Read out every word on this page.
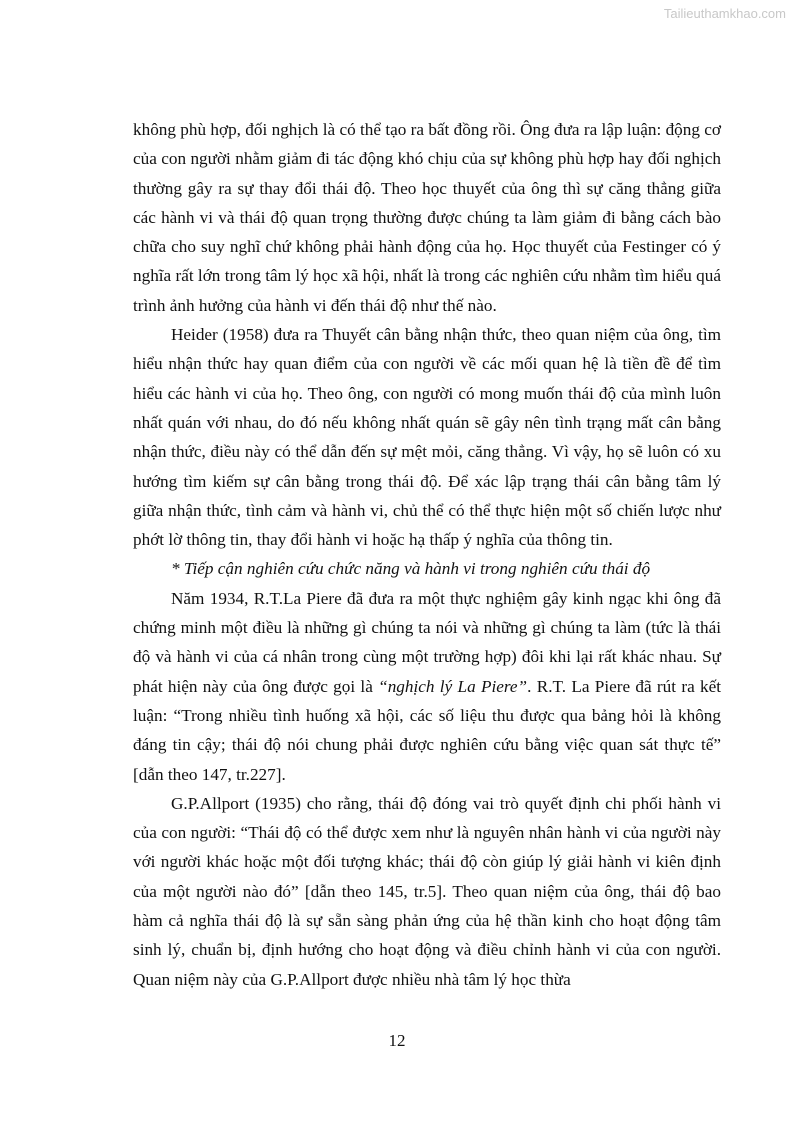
Tailieuthamkhao.com

không phù hợp, đối nghịch là có thể tạo ra bất đồng rồi. Ông đưa ra lập luận: động cơ của con người nhằm giảm đi tác động khó chịu của sự không phù hợp hay đối nghịch thường gây ra sự thay đổi thái độ. Theo học thuyết của ông thì sự căng thẳng giữa các hành vi và thái độ quan trọng thường được chúng ta làm giảm đi bằng cách bào chữa cho suy nghĩ chứ không phải hành động của họ. Học thuyết của Festinger có ý nghĩa rất lớn trong tâm lý học xã hội, nhất là trong các nghiên cứu nhằm tìm hiểu quá trình ảnh hưởng của hành vi đến thái độ như thế nào.

Heider (1958) đưa ra Thuyết cân bằng nhận thức, theo quan niệm của ông, tìm hiểu nhận thức hay quan điểm của con người về các mối quan hệ là tiền đề để tìm hiểu các hành vi của họ. Theo ông, con người có mong muốn thái độ của mình luôn nhất quán với nhau, do đó nếu không nhất quán sẽ gây nên tình trạng mất cân bằng nhận thức, điều này có thể dẫn đến sự mệt mỏi, căng thẳng. Vì vậy, họ sẽ luôn có xu hướng tìm kiếm sự cân bằng trong thái độ. Để xác lập trạng thái cân bằng tâm lý giữa nhận thức, tình cảm và hành vi, chủ thể có thể thực hiện một số chiến lược như phớt lờ thông tin, thay đổi hành vi hoặc hạ thấp ý nghĩa của thông tin.

* Tiếp cận nghiên cứu chức năng và hành vi trong nghiên cứu thái độ

Năm 1934, R.T.La Piere đã đưa ra một thực nghiệm gây kinh ngạc khi ông đã chứng minh một điều là những gì chúng ta nói và những gì chúng ta làm (tức là thái độ và hành vi của cá nhân trong cùng một trường hợp) đôi khi lại rất khác nhau. Sự phát hiện này của ông được gọi là “nghịch lý La Piere”. R.T. La Piere đã rút ra kết luận: “Trong nhiều tình huống xã hội, các số liệu thu được qua bảng hỏi là không đáng tin cậy; thái độ nói chung phải được nghiên cứu bằng việc quan sát thực tế” [dẫn theo 147, tr.227].

G.P.Allport (1935) cho rằng, thái độ đóng vai trò quyết định chi phối hành vi của con người: “Thái độ có thể được xem như là nguyên nhân hành vi của người này với người khác hoặc một đối tượng khác; thái độ còn giúp lý giải hành vi kiên định của một người nào đó” [dẫn theo 145, tr.5]. Theo quan niệm của ông, thái độ bao hàm cả nghĩa thái độ là sự sẵn sàng phản ứng của hệ thần kinh cho hoạt động tâm sinh lý, chuẩn bị, định hướng cho hoạt động và điều chỉnh hành vi của con người. Quan niệm này của G.P.Allport được nhiều nhà tâm lý học thừa

12
